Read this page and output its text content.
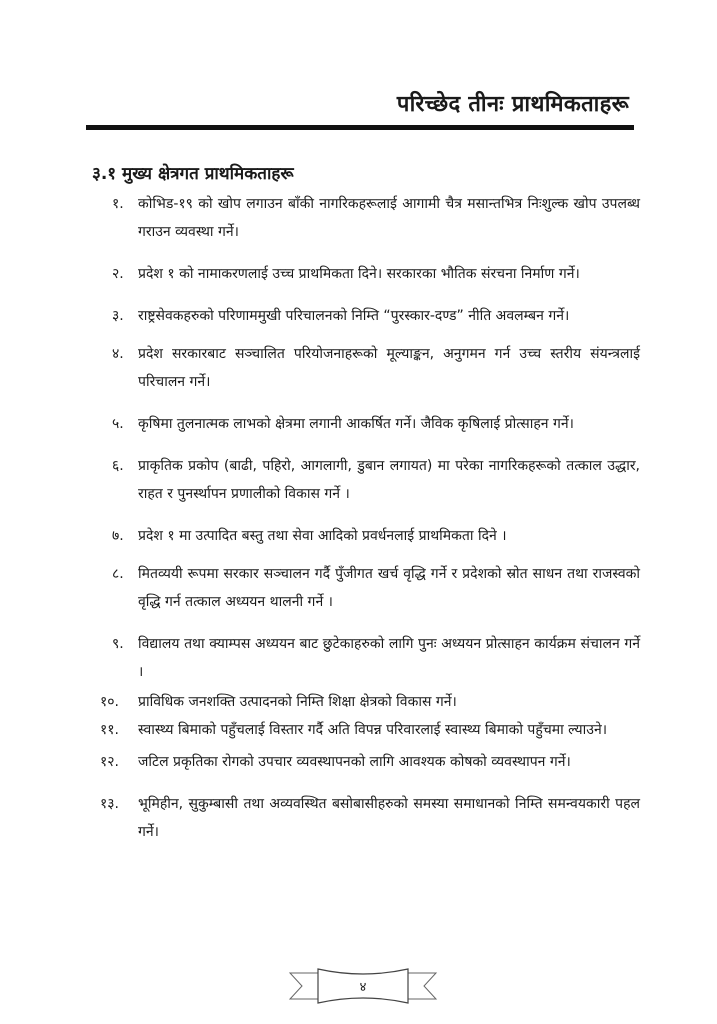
परिच्छेद तीनः प्राथमिकताहरू
३.१ मुख्य क्षेत्रगत प्राथमिकताहरू
१.	कोभिड-१९ को खोप लगाउन बाँकी नागरिकहरूलाई आगामी चैत्र मसान्तभित्र निःशुल्क खोप उपलब्ध गराउन व्यवस्था गर्ने।
२.	प्रदेश १ को नामाकरणलाई उच्च प्राथमिकता दिने। सरकारका भौतिक संरचना निर्माण गर्ने।
३.	राष्ट्रसेवकहरुको परिणाममुखी परिचालनको निम्ति “पुरस्कार-दण्ड” नीति अवलम्बन गर्ने।
४.	प्रदेश सरकारबाट सञ्चालित परियोजनाहरूको मूल्याङ्कन, अनुगमन गर्न उच्च स्तरीय संयन्त्रलाई परिचालन गर्ने।
५.	कृषिमा तुलनात्मक लाभको क्षेत्रमा लगानी आकर्षित गर्ने। जैविक कृषिलाई प्रोत्साहन गर्ने।
६.	प्राकृतिक प्रकोप (बाढी, पहिरो, आगलागी, डुबान लगायत) मा परेका नागरिकहरूको तत्काल उद्धार, राहत र पुनर्स्थापन प्रणालीको विकास गर्ने ।
७.	प्रदेश १ मा उत्पादित बस्तु तथा सेवा आदिको प्रवर्धनलाई प्राथमिकता दिने ।
८.	मितव्ययी रूपमा सरकार सञ्चालन गर्दै पुँजीगत खर्च वृद्धि गर्ने र प्रदेशको स्रोत साधन तथा राजस्वको वृद्धि गर्न तत्काल अध्ययन थालनी गर्ने ।
९.	विद्यालय तथा क्याम्पस अध्ययन बाट छुटेकाहरुको लागि पुनः अध्ययन प्रोत्साहन कार्यक्रम संचालन गर्ने ।
१०.	प्राविधिक जनशक्ति उत्पादनको निम्ति शिक्षा क्षेत्रको विकास गर्ने।
११.	स्वास्थ्य बिमाको पहुँचलाई विस्तार गर्दै अति विपन्न परिवारलाई स्वास्थ्य बिमाको पहुँचमा ल्याउने।
१२.	जटिल प्रकृतिका रोगको उपचार व्यवस्थापनको लागि आवश्यक कोषको व्यवस्थापन गर्ने।
१३.	भूमिहीन, सुकुम्बासी तथा अव्यवस्थित बसोबासीहरुको समस्या समाधानको निम्ति समन्वयकारी पहल गर्ने।
४
